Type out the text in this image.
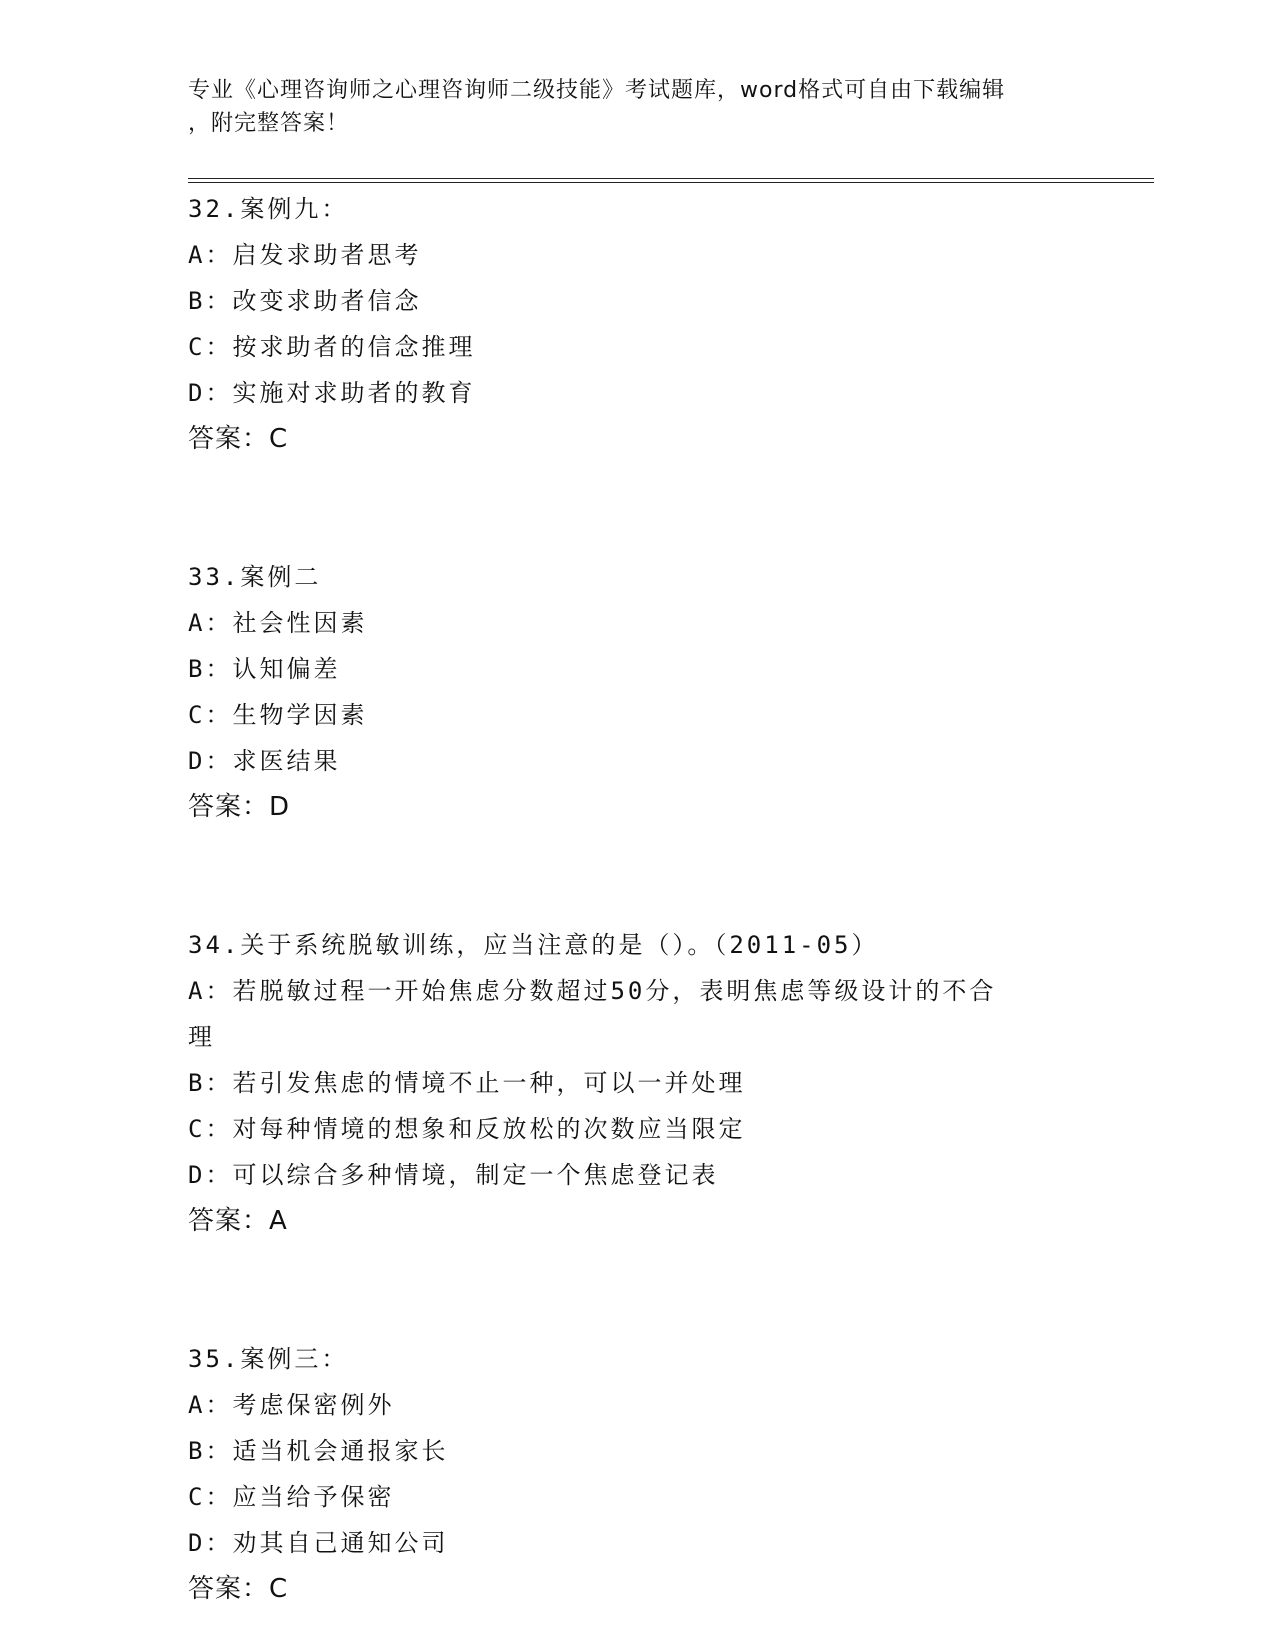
专业《心理咨询师之心理咨询师二级技能》考试题库，word格式可自由下载编辑
，附完整答案！
32.案例九：
A：启发求助者思考
B：改变求助者信念
C：按求助者的信念推理
D：实施对求助者的教育
答案：C
33.案例二
A：社会性因素
B：认知偏差
C：生物学因素
D：求医结果
答案：D
34.关于系统脱敏训练，应当注意的是（）。（2011-05）
A：若脱敏过程一开始焦虑分数超过50分，表明焦虑等级设计的不合
理
B：若引发焦虑的情境不止一种，可以一并处理
C：对每种情境的想象和反放松的次数应当限定
D：可以综合多种情境，制定一个焦虑登记表
答案：A
35.案例三：
A：考虑保密例外
B：适当机会通报家长
C：应当给予保密
D：劝其自己通知公司
答案：C
